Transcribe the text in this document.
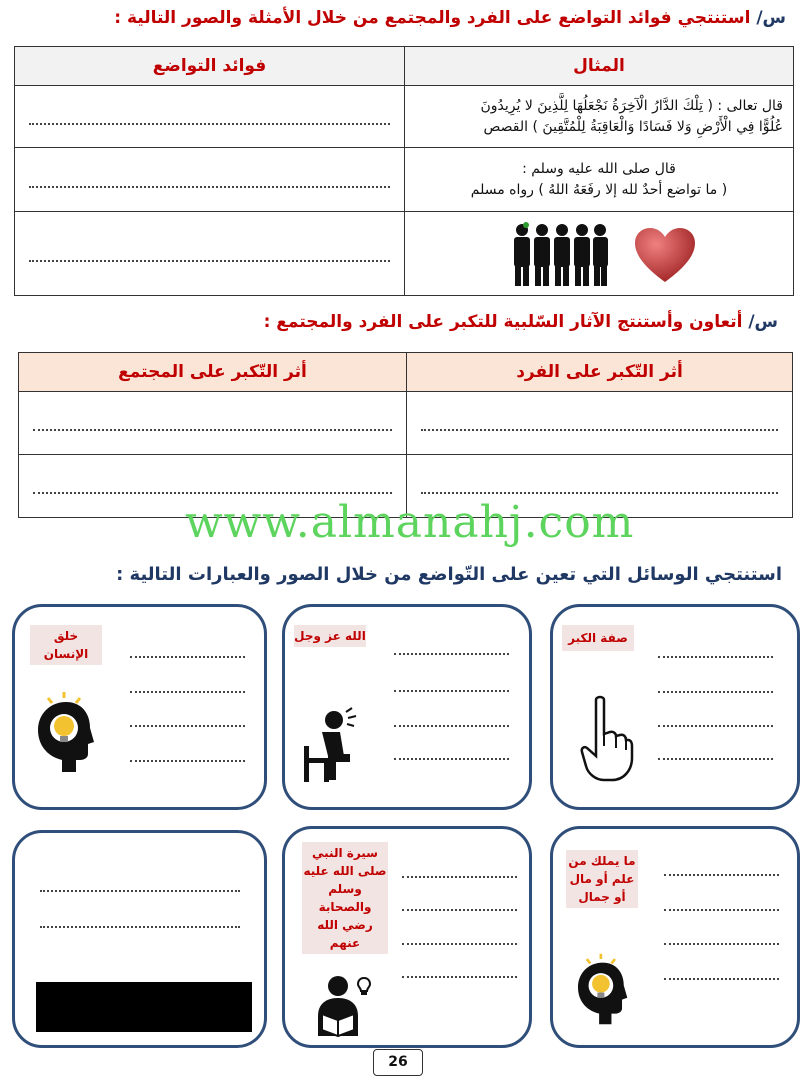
س/ استنتجي فوائد التواضع على الفرد والمجتمع من خلال الأمثلة والصور التالية :
المثال	فوائد التواضع

قال تعالى : ( تِلْكَ الدَّارُ الْآخِرَةُ نَجْعَلُهَا لِلَّذِينَ لا يُرِيدُونَ
عُلُوًّا فِي الْأَرْضِ وَلا فَسَادًا وَالْعَاقِبَةُ لِلْمُتَّقِينَ ) القصص	

قال صلى الله عليه وسلم :
( ما تواضع أحدٌ لله إلا رفَعَهُ اللهُ ) رواه مسلم	

س/ أتعاون وأستنتج الآثار السّلبية للتكبر على الفرد والمجتمع :
أثر التّكبر على الفرد	أثر التّكبر على المجتمع

www.almanahj.com
استنتجي الوسائل التي تعين على التّواضع من خلال الصور والعبارات التالية :
صفة الكبر
الله عز وجل
خلق الإنسان
ما يملك من علم أو مال أو جمال
سيرة النبي صلى الله عليه وسلم والصحابة رضي الله عنهم
26
